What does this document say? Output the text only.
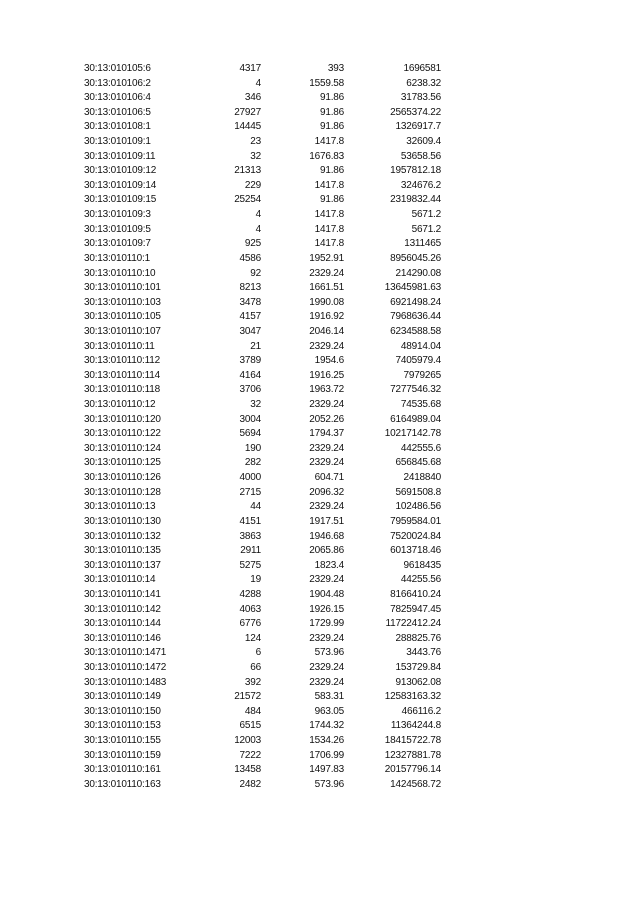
30:13:010105:6	4317	393	1696581
30:13:010106:2	4	1559.58	6238.32
30:13:010106:4	346	91.86	31783.56
30:13:010106:5	27927	91.86	2565374.22
30:13:010108:1	14445	91.86	1326917.7
30:13:010109:1	23	1417.8	32609.4
30:13:010109:11	32	1676.83	53658.56
30:13:010109:12	21313	91.86	1957812.18
30:13:010109:14	229	1417.8	324676.2
30:13:010109:15	25254	91.86	2319832.44
30:13:010109:3	4	1417.8	5671.2
30:13:010109:5	4	1417.8	5671.2
30:13:010109:7	925	1417.8	1311465
30:13:010110:1	4586	1952.91	8956045.26
30:13:010110:10	92	2329.24	214290.08
30:13:010110:101	8213	1661.51	13645981.63
30:13:010110:103	3478	1990.08	6921498.24
30:13:010110:105	4157	1916.92	7968636.44
30:13:010110:107	3047	2046.14	6234588.58
30:13:010110:11	21	2329.24	48914.04
30:13:010110:112	3789	1954.6	7405979.4
30:13:010110:114	4164	1916.25	7979265
30:13:010110:118	3706	1963.72	7277546.32
30:13:010110:12	32	2329.24	74535.68
30:13:010110:120	3004	2052.26	6164989.04
30:13:010110:122	5694	1794.37	10217142.78
30:13:010110:124	190	2329.24	442555.6
30:13:010110:125	282	2329.24	656845.68
30:13:010110:126	4000	604.71	2418840
30:13:010110:128	2715	2096.32	5691508.8
30:13:010110:13	44	2329.24	102486.56
30:13:010110:130	4151	1917.51	7959584.01
30:13:010110:132	3863	1946.68	7520024.84
30:13:010110:135	2911	2065.86	6013718.46
30:13:010110:137	5275	1823.4	9618435
30:13:010110:14	19	2329.24	44255.56
30:13:010110:141	4288	1904.48	8166410.24
30:13:010110:142	4063	1926.15	7825947.45
30:13:010110:144	6776	1729.99	11722412.24
30:13:010110:146	124	2329.24	288825.76
30:13:010110:1471	6	573.96	3443.76
30:13:010110:1472	66	2329.24	153729.84
30:13:010110:1483	392	2329.24	913062.08
30:13:010110:149	21572	583.31	12583163.32
30:13:010110:150	484	963.05	466116.2
30:13:010110:153	6515	1744.32	11364244.8
30:13:010110:155	12003	1534.26	18415722.78
30:13:010110:159	7222	1706.99	12327881.78
30:13:010110:161	13458	1497.83	20157796.14
30:13:010110:163	2482	573.96	1424568.72
